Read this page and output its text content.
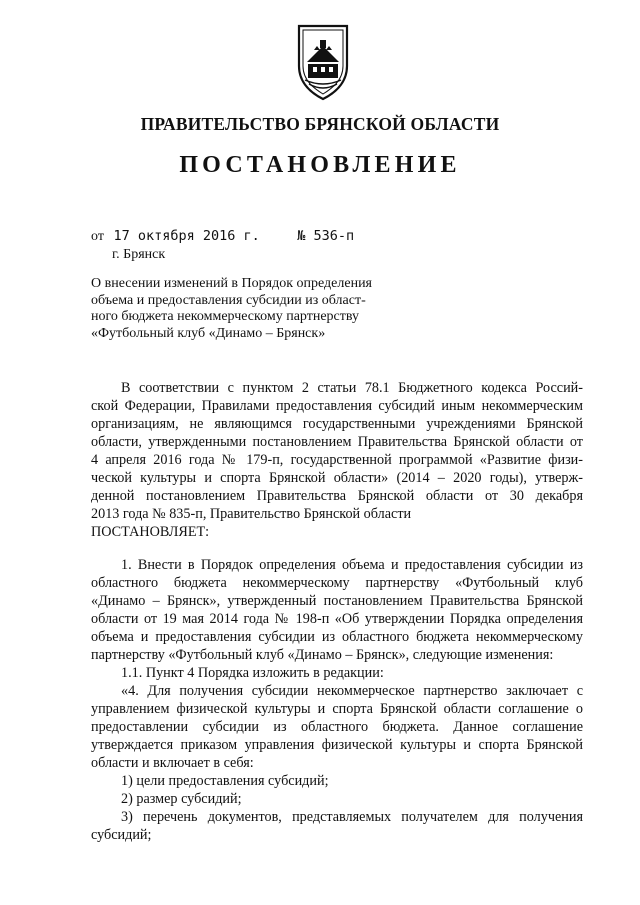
ПРАВИТЕЛЬСТВО БРЯНСКОЙ ОБЛАСТИ
ПОСТАНОВЛЕНИЕ
от 17 октября 2016 г.	№ 536-п
г. Брянск
О внесении изменений в Порядок определения
объема и предоставления субсидии из област-
ного бюджета некоммерческому партнерству
«Футбольный клуб «Динамо – Брянск»
В соответствии с пунктом 2 статьи 78.1 Бюджетного кодекса Россий-
ской Федерации, Правилами предоставления субсидий иным некоммерческим
организациям, не являющимся государственными учреждениями Брянской
области, утвержденными постановлением Правительства Брянской области от
4 апреля 2016 года № 179-п, государственной программой «Развитие физи-
ческой культуры и спорта Брянской области» (2014 – 2020 годы), утверж-
денной постановлением Правительства Брянской области от 30 декабря
2013 года № 835-п, Правительство Брянской области
ПОСТАНОВЛЯЕТ:
1. Внести в Порядок определения объема и предоставления субсидии из
областного бюджета некоммерческому партнерству «Футбольный клуб
«Динамо – Брянск», утвержденный постановлением Правительства Брянской
области от 19 мая 2014 года № 198-п «Об утверждении Порядка определения
объема и предоставления субсидии из областного бюджета некоммерческому
партнерству «Футбольный клуб «Динамо – Брянск», следующие изменения:
1.1. Пункт 4 Порядка изложить в редакции:
«4. Для получения субсидии некоммерческое партнерство заключает с
управлением физической культуры и спорта Брянской области соглашение о
предоставлении субсидии из областного бюджета. Данное соглашение
утверждается приказом управления физической культуры и спорта Брянской
области и включает в себя:
1) цели предоставления субсидий;
2) размер субсидий;
3) перечень документов, представляемых получателем для получения
субсидий;
